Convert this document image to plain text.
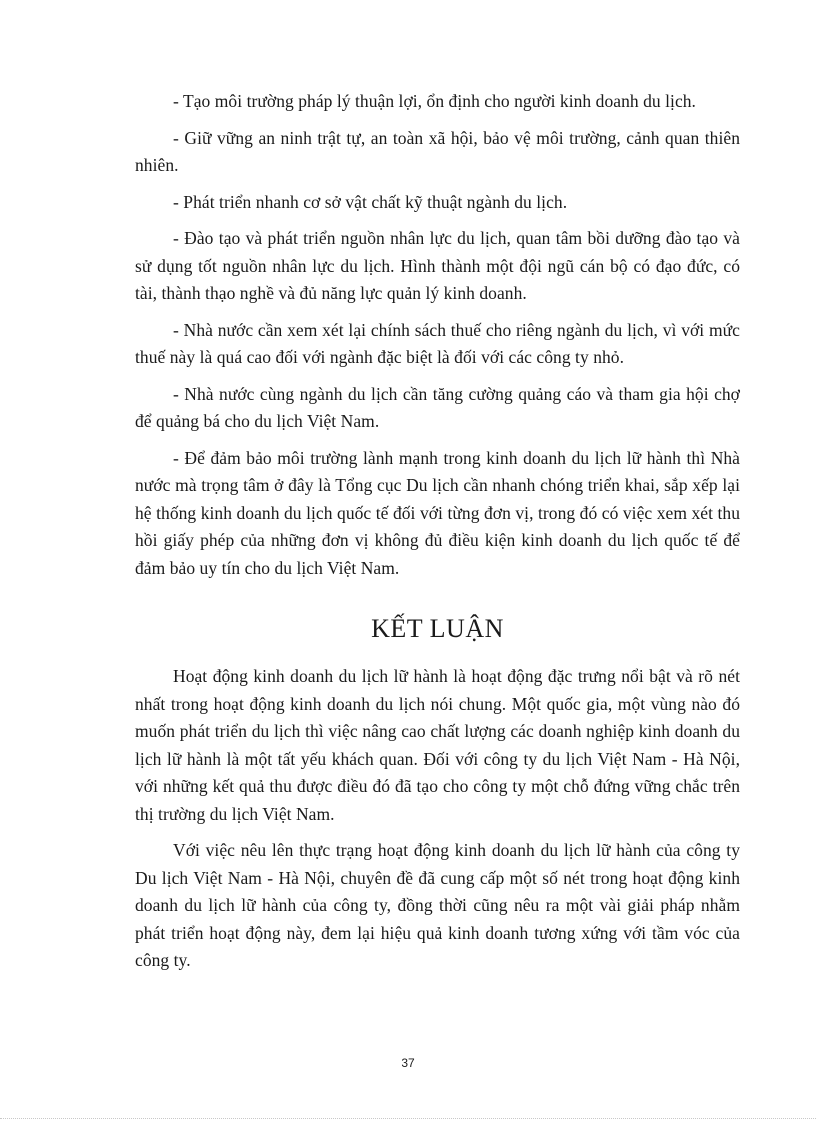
- Tạo môi trường pháp lý thuận lợi, ổn định cho người kinh doanh du lịch.

- Giữ vững an ninh trật tự, an toàn xã hội, bảo vệ môi trường, cảnh quan thiên nhiên.

- Phát triển nhanh cơ sở vật chất kỹ thuật ngành du lịch.

- Đào tạo và phát triển nguồn nhân lực du lịch, quan tâm bồi dưỡng đào tạo và sử dụng tốt nguồn nhân lực du lịch. Hình thành một đội ngũ cán bộ có đạo đức, có tài, thành thạo nghề và đủ năng lực quản lý kinh doanh.

- Nhà nước cần xem xét lại chính sách thuế cho riêng ngành du lịch, vì với mức thuế này là quá cao đối với ngành đặc biệt là đối với các công ty nhỏ.

- Nhà nước cùng ngành du lịch cần tăng cường quảng cáo và tham gia hội chợ để quảng bá cho du lịch Việt Nam.

- Để đảm bảo môi trường lành mạnh trong kinh doanh du lịch lữ hành thì Nhà nước mà trọng tâm ở đây là Tổng cục Du lịch cần nhanh chóng triển khai, sắp xếp lại hệ thống kinh doanh du lịch quốc tế đối với từng đơn vị, trong đó có việc xem xét thu hồi giấy phép của những đơn vị không đủ điều kiện kinh doanh du lịch quốc tế để đảm bảo uy tín cho du lịch Việt Nam.

KẾT LUẬN

Hoạt động kinh doanh du lịch lữ hành là hoạt động đặc trưng nổi bật và rõ nét nhất trong hoạt động kinh doanh du lịch nói chung. Một quốc gia, một vùng nào đó muốn phát triển du lịch thì việc nâng cao chất lượng các doanh nghiệp kinh doanh du lịch lữ hành là một tất yếu khách quan. Đối với công ty du lịch Việt Nam - Hà Nội, với những kết quả thu được điều đó đã tạo cho công ty một chỗ đứng vững chắc trên thị trường du lịch Việt Nam.

Với việc nêu lên thực trạng hoạt động kinh doanh du lịch lữ hành của công ty Du lịch Việt Nam - Hà Nội, chuyên đề đã cung cấp một số nét trong hoạt động kinh doanh du lịch lữ hành của công ty, đồng thời cũng nêu ra một vài giải pháp nhằm phát triển hoạt động này, đem lại hiệu quả kinh doanh tương xứng với tầm vóc của công ty.

37
